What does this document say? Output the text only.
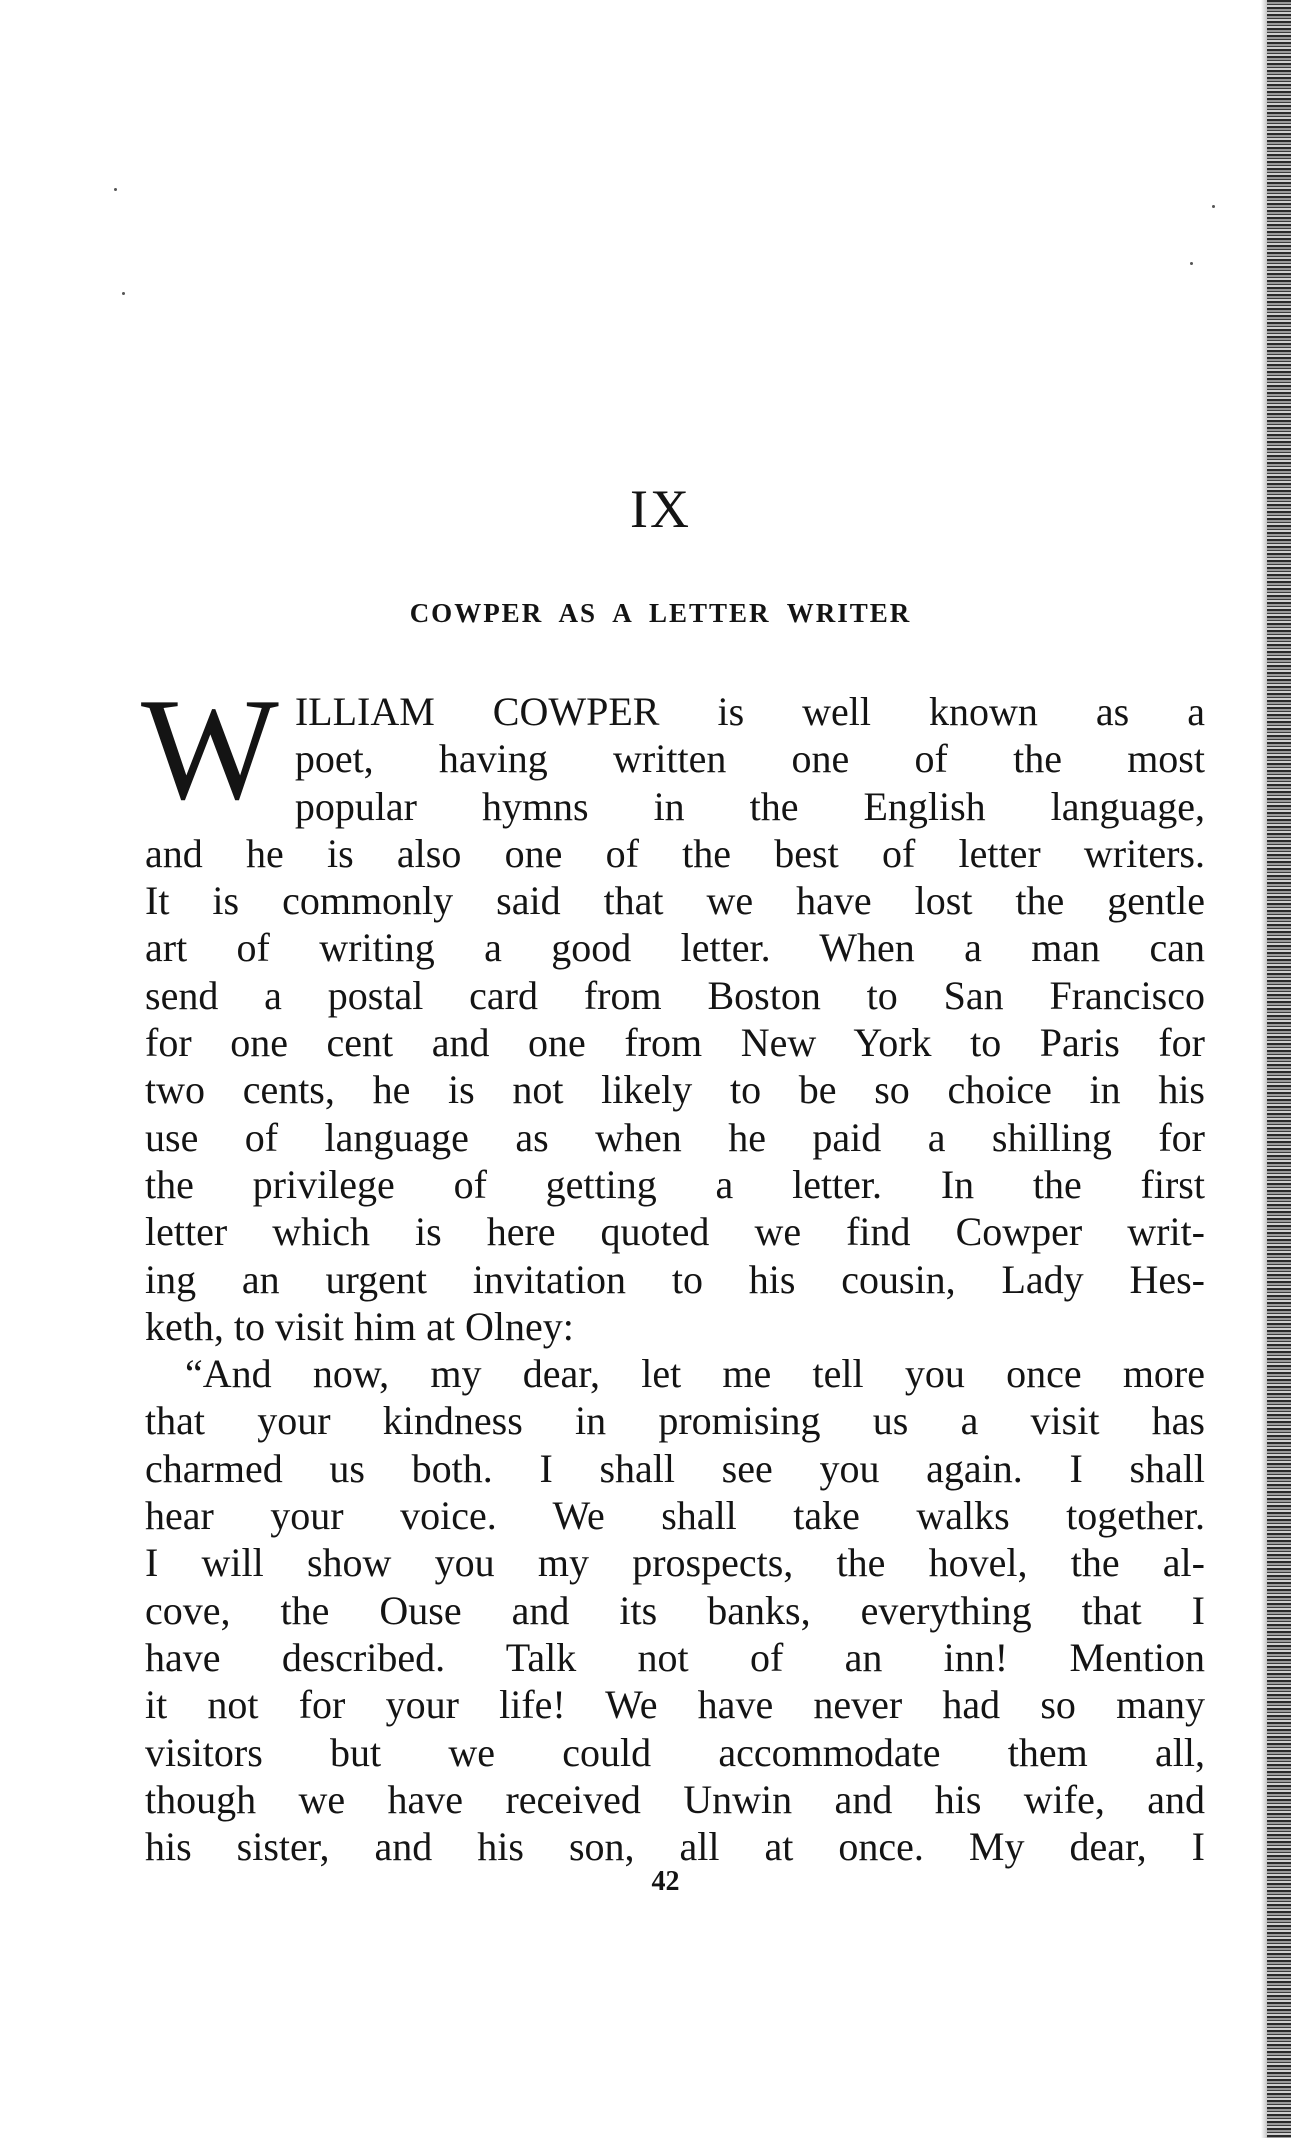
IX
COWPER AS A LETTER WRITER
W ILLIAM COWPER is well known as a
poet, having written one of the most
popular hymns in the English language,
and he is also one of the best of letter writers.
It is commonly said that we have lost the gentle
art of writing a good letter. When a man can
send a postal card from Boston to San Francisco
for one cent and one from New York to Paris for
two cents, he is not likely to be so choice in his
use of language as when he paid a shilling for
the privilege of getting a letter. In the first
letter which is here quoted we find Cowper writ-
ing an urgent invitation to his cousin, Lady Hes-
keth, to visit him at Olney:
“And now, my dear, let me tell you once more
that your kindness in promising us a visit has
charmed us both. I shall see you again. I shall
hear your voice. We shall take walks together.
I will show you my prospects, the hovel, the al-
cove, the Ouse and its banks, everything that I
have described. Talk not of an inn! Mention
it not for your life! We have never had so many
visitors but we could accommodate them all,
though we have received Unwin and his wife, and
his sister, and his son, all at once. My dear, I
42
